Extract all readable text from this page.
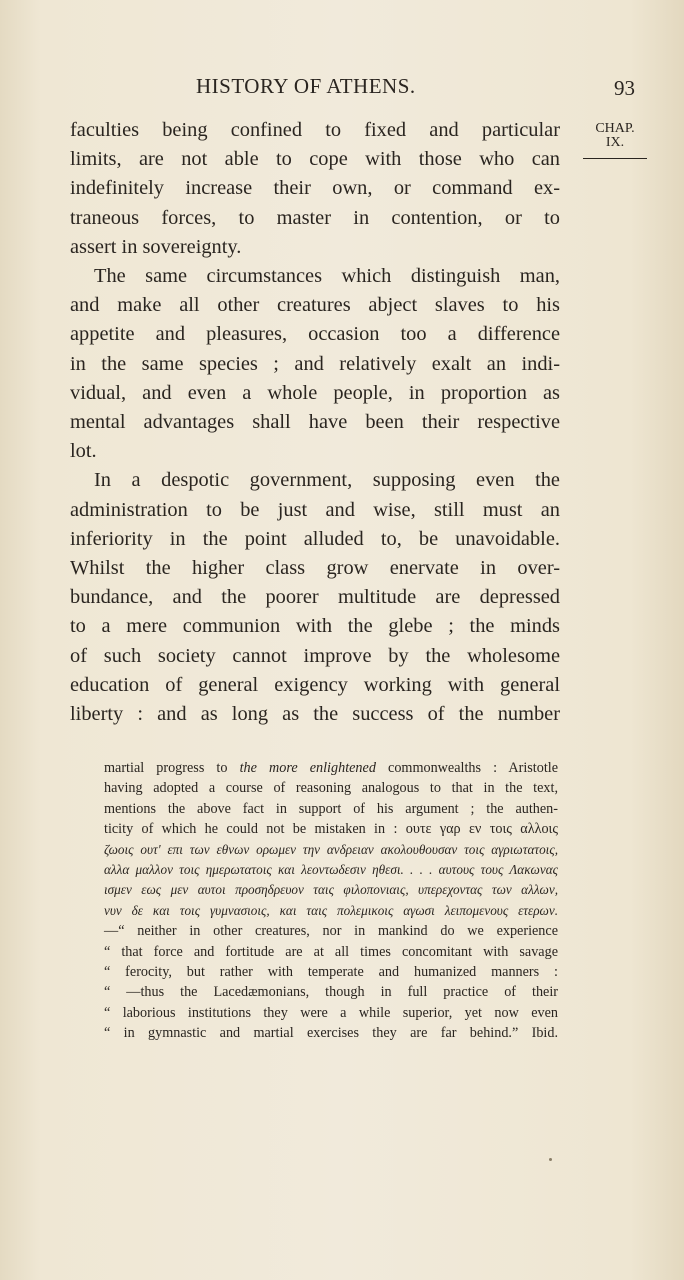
HISTORY OF ATHENS.	93
CHAP.
IX.
faculties being confined to fixed and particular
limits, are not able to cope with those who can
indefinitely increase their own, or command ex-
traneous forces, to master in contention, or to
assert in sovereignty.
The same circumstances which distinguish man,
and make all other creatures abject slaves to his
appetite and pleasures, occasion too a difference
in the same species ; and relatively exalt an indi-
vidual, and even a whole people, in proportion as
mental advantages shall have been their respective
lot.
In a despotic government, supposing even the
administration to be just and wise, still must an
inferiority in the point alluded to, be unavoidable.
Whilst the higher class grow enervate in over-
bundance, and the poorer multitude are depressed
to a mere communion with the glebe ; the minds
of such society cannot improve by the wholesome
education of general exigency working with general
liberty : and as long as the success of the number
martial progress to the more enlightened commonwealths : Aristotle
having adopted a course of reasoning analogous to that in the text,
mentions the above fact in support of his argument ; the authen-
ticity of which he could not be mistaken in : ουτε γαρ εν τοις αλλοις
ζωοις ουτ' επι των εθνων ορωμεν την ανδρειαν ακολουθουσαν τοις αγριωτατοις,
αλλα μαλλον τοις ημερωτατοις και λεοντωδεσιν ηθεσι. . . . αυτους τους Λακωνας
ισμεν εως μεν αυτοι προσηδρευον ταις φιλοπονιαις, υπερεχοντας των αλλων,
νυν δε και τοις γυμνασιοις, και ταις πολεμικοις αγωσι λειπομενους ετερων.
—“ neither in other creatures, nor in mankind do we experience
“ that force and fortitude are at all times concomitant with savage
“ ferocity, but rather with temperate and humanized manners :
“ —thus the Lacedæmonians, though in full practice of their
“ laborious institutions they were a while superior, yet now even
“ in gymnastic and martial exercises they are far behind.” Ibid.
